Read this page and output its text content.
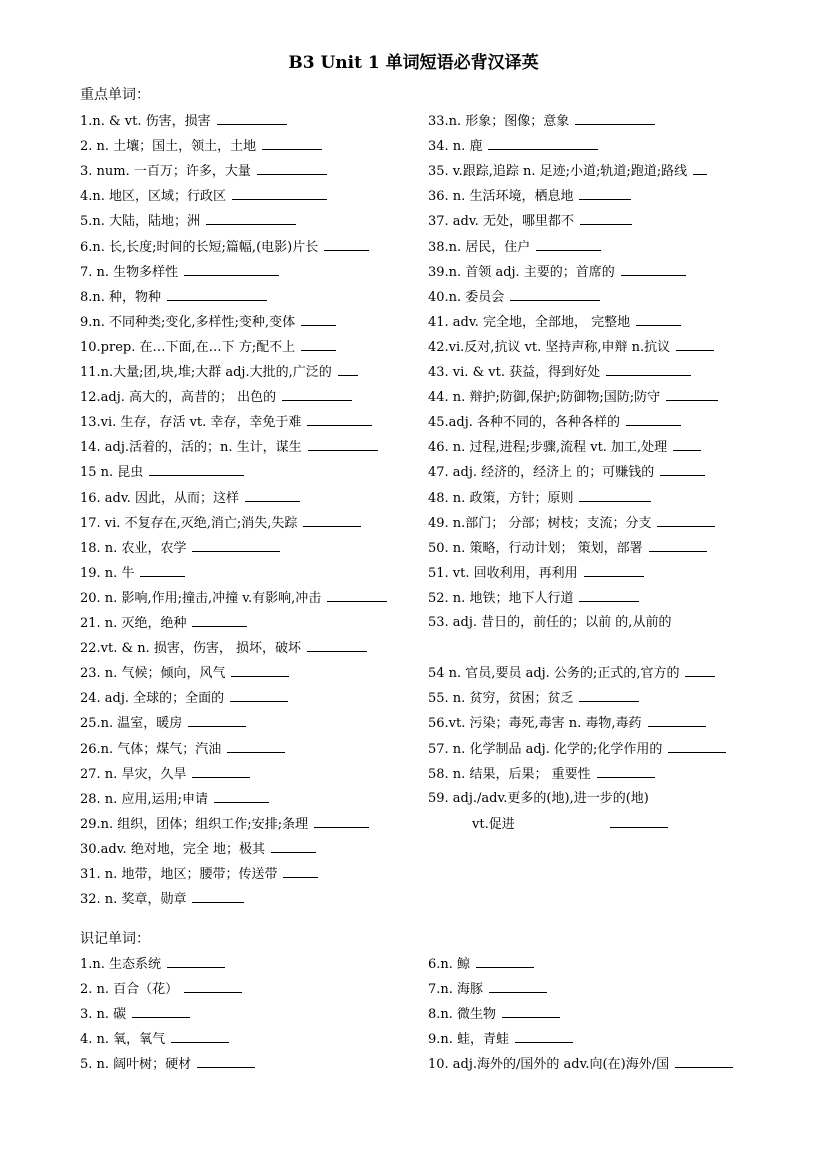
B3 Unit 1 单词短语必背汉译英
重点单词：
1.n. & vt. 伤害，损害
2. n. 土壤；国土，领土，土地
3. num. 一百万；许多，大量
4.n. 地区，区域；行政区
5.n. 大陆，陆地；洲
6.n. 长,长度;时间的长短;篇幅,(电影)片长
7. n. 生物多样性
8.n. 种，物种
9.n. 不同种类;变化,多样性;变种,变体
10.prep. 在…下面,在…下 方;配不上
11.n.大量;团,块,堆;大群 adj.大批的,广泛的
12.adj. 高大的，高昔的； 出色的
13.vi. 生存，存活 vt. 幸存，幸免于难
14. adj.活着的，活的；n. 生计，谋生
15 n. 昆虫
16. adv. 因此，从而；这样
17. vi. 不复存在,灭绝,消亡;消失,失踪
18. n. 农业，农学
19. n. 牛
20. n. 影响,作用;撞击,冲撞 v.有影响,冲击
21. n. 灭绝，绝种
22.vt. & n. 损害，伤害， 损坏，破坏
23. n. 气候；倾向，风气
24. adj. 全球的；全面的
25.n. 温室，暖房
26.n. 气体；煤气；汽油
27. n. 旱灾，久旱
28. n. 应用,运用;申请
29.n. 组织，团体；组织工作;安排;条理
30.adv. 绝对地，完全 地；极其
31. n. 地带，地区；腰带；传送带
32. n. 奖章，勋章
33.n. 形象；图像；意象
34. n. 鹿
35. v.跟踪,追踪 n. 足迹;小道;轨道;跑道;路线
36. n. 生活环境，栖息地
37. adv. 无处，哪里都不
38.n. 居民，住户
39.n. 首领 adj. 主要的；首席的
40.n. 委员会
41. adv. 完全地，全部地， 完整地
42.vi.反对,抗议 vt. 坚持声称,申辩 n.抗议
43. vi. & vt. 获益，得到好处
44. n. 辩护;防御,保护;防御物;国防;防守
45.adj. 各种不同的，各种各样的
46. n. 过程,进程;步骤,流程 vt. 加工,处理
47. adj. 经济的，经济上 的；可赚钱的
48. n. 政策，方针；原则
49. n.部门； 分部；树枝；支流；分支
50. n. 策略，行动计划； 策划，部署
51. vt. 回收利用，再利用
52. n. 地铁；地下人行道
53. adj. 昔日的，前任的；以前 的,从前的
54 n. 官员,要员 adj. 公务的;正式的,官方的
55. n. 贫穷，贫困；贫乏
56.vt. 污染；毒死,毒害 n. 毒物,毒药
57. n. 化学制品 adj. 化学的;化学作用的
58. n. 结果，后果； 重要性
59. adj./adv.更多的(地),进一步的(地)
vt.促进
识记单词：
1.n. 生态系统
2. n. 百合（花）
3. n. 碳
4. n. 氧，氧气
5. n. 阔叶树；硬材
6.n. 鲸
7.n. 海豚
8.n. 微生物
9.n. 蛙，青蛙
10. adj.海外的/国外的 adv.向(在)海外/国
